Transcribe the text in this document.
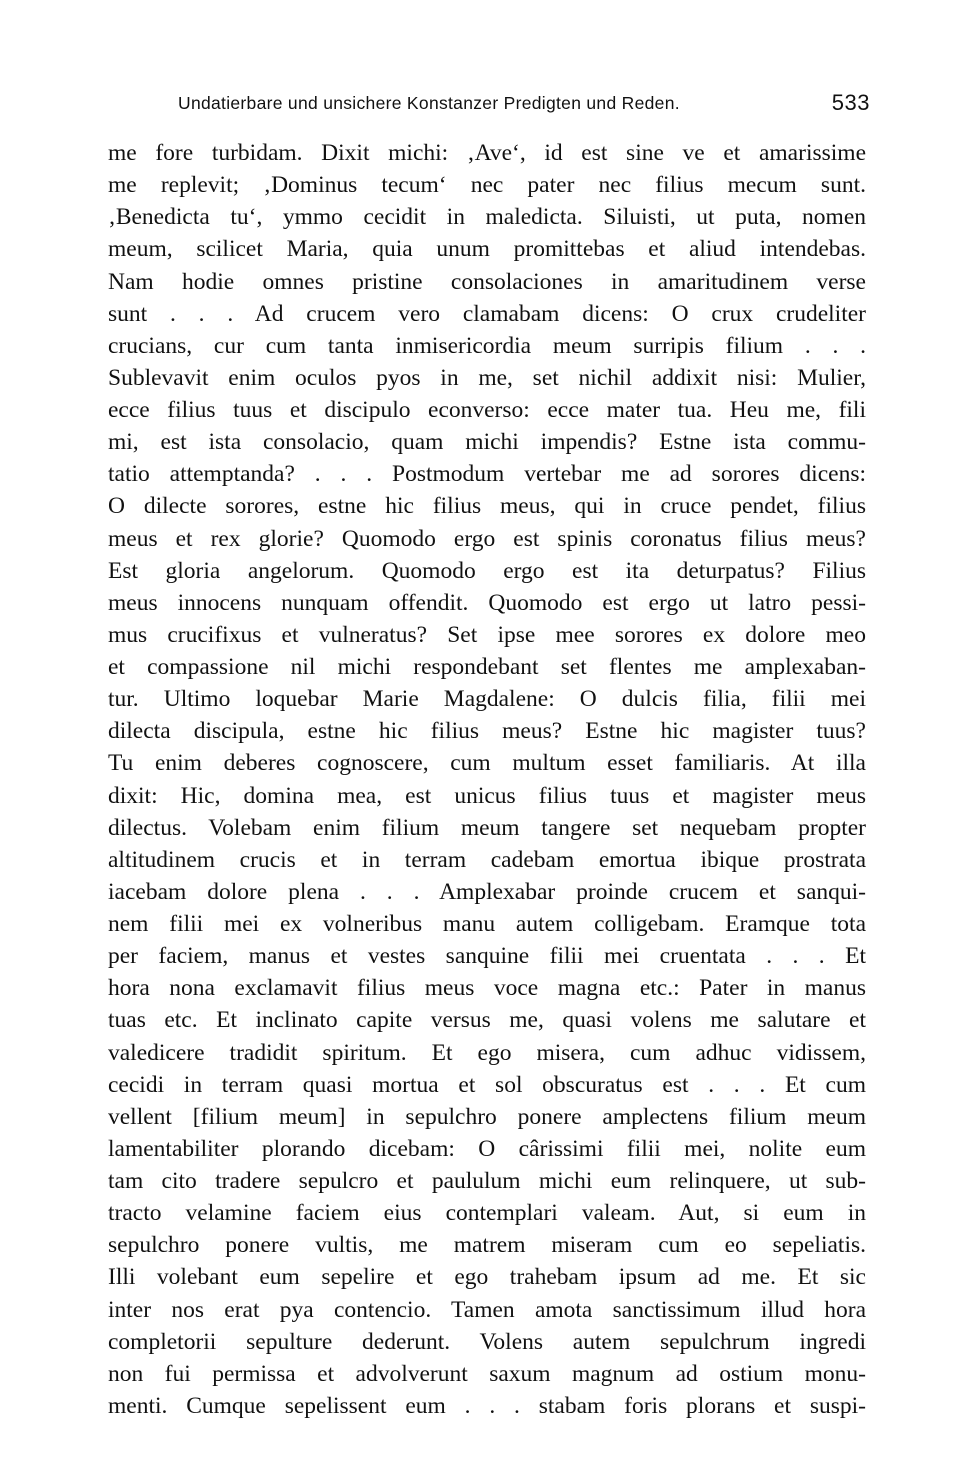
Undatierbare und unsichere Konstanzer Predigten und Reden.	533
me fore turbidam. Dixit michi: ‚Ave‘, id est sine ve et amarissime
me replevit; ‚Dominus tecum‘ nec pater nec filius mecum sunt.
‚Benedicta tu‘, ymmo cecidit in maledicta. Siluisti, ut puta, nomen
meum, scilicet Maria, quia unum promittebas et aliud intendebas.
Nam hodie omnes pristine consolaciones in amaritudinem verse
sunt . . . Ad crucem vero clamabam dicens: O crux crudeliter
crucians, cur cum tanta inmisericordia meum surripis filium . . .
Sublevavit enim oculos pyos in me, set nichil addixit nisi: Mulier,
ecce filius tuus et discipulo econverso: ecce mater tua. Heu me, fili
mi, est ista consolacio, quam michi impendis? Estne ista commu-
tatio attemptanda? . . . Postmodum vertebar me ad sorores dicens:
O dilecte sorores, estne hic filius meus, qui in cruce pendet, filius
meus et rex glorie? Quomodo ergo est spinis coronatus filius meus?
Est gloria angelorum. Quomodo ergo est ita deturpatus? Filius
meus innocens nunquam offendit. Quomodo est ergo ut latro pessi-
mus crucifixus et vulneratus? Set ipse mee sorores ex dolore meo
et compassione nil michi respondebant set flentes me amplexaban-
tur. Ultimo loquebar Marie Magdalene: O dulcis filia, filii mei
dilecta discipula, estne hic filius meus? Estne hic magister tuus?
Tu enim deberes cognoscere, cum multum esset familiaris. At illa
dixit: Hic, domina mea, est unicus filius tuus et magister meus
dilectus. Volebam enim filium meum tangere set nequebam propter
altitudinem crucis et in terram cadebam emortua ibique prostrata
iacebam dolore plena . . . Amplexabar proinde crucem et sanqui-
nem filii mei ex volneribus manu autem colligebam. Eramque tota
per faciem, manus et vestes sanquine filii mei cruentata . . . Et
hora nona exclamavit filius meus voce magna etc.: Pater in manus
tuas etc. Et inclinato capite versus me, quasi volens me salutare et
valedicere tradidit spiritum. Et ego misera, cum adhuc vidissem,
cecidi in terram quasi mortua et sol obscuratus est . . . Et cum
vellent [filium meum] in sepulchro ponere amplectens filium meum
lamentabiliter plorando dicebam: O cârissimi filii mei, nolite eum
tam cito tradere sepulcro et paululum michi eum relinquere, ut sub-
tracto velamine faciem eius contemplari valeam. Aut, si eum in
sepulchro ponere vultis, me matrem miseram cum eo sepeliatis.
Illi volebant eum sepelire et ego trahebam ipsum ad me. Et sic
inter nos erat pya contencio. Tamen amota sanctissimum illud hora
completorii sepulture dederunt. Volens autem sepulchrum ingredi
non fui permissa et advolverunt saxum magnum ad ostium monu-
menti. Cumque sepelissent eum . . . stabam foris plorans et suspi-
